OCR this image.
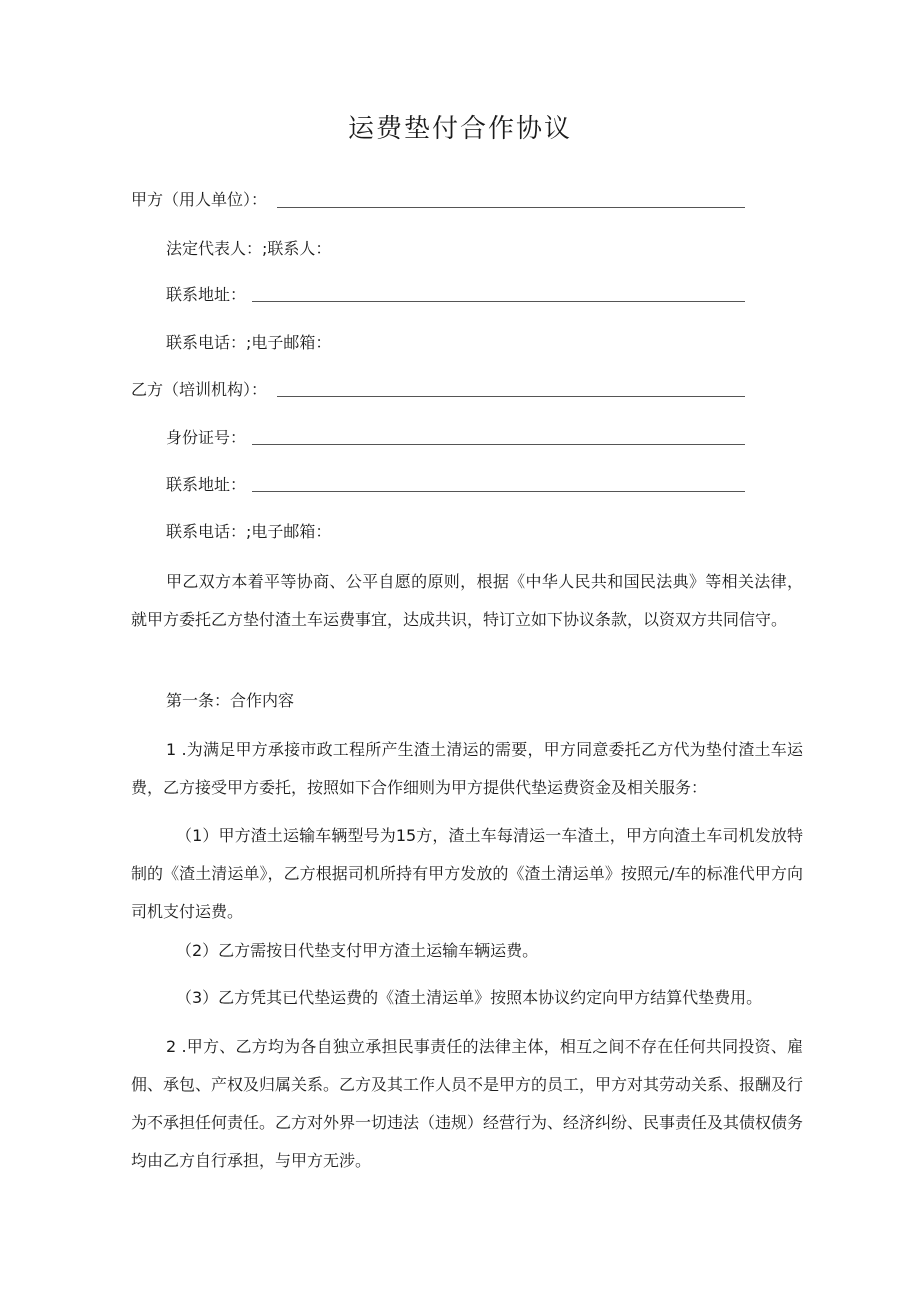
运费垫付合作协议
甲方（用人单位）：
法定代表人：;联系人：
联系地址：
联系电话：;电子邮箱：
乙方（培训机构）：
身份证号：
联系地址：
联系电话：;电子邮箱：
甲乙双方本着平等协商、公平自愿的原则，根据《中华人民共和国民法典》等相关法律，就甲方委托乙方垫付渣土车运费事宜，达成共识，特订立如下协议条款，以资双方共同信守。
第一条：合作内容
1 .为满足甲方承接市政工程所产生渣土清运的需要，甲方同意委托乙方代为垫付渣土车运费，乙方接受甲方委托，按照如下合作细则为甲方提供代垫运费资金及相关服务：
（1）甲方渣土运输车辆型号为15方，渣土车每清运一车渣土，甲方向渣土车司机发放特制的《渣土清运单》，乙方根据司机所持有甲方发放的《渣土清运单》按照元/车的标准代甲方向司机支付运费。
（2）乙方需按日代垫支付甲方渣土运输车辆运费。
（3）乙方凭其已代垫运费的《渣土清运单》按照本协议约定向甲方结算代垫费用。
2 .甲方、乙方均为各自独立承担民事责任的法律主体，相互之间不存在任何共同投资、雇佣、承包、产权及归属关系。乙方及其工作人员不是甲方的员工，甲方对其劳动关系、报酬及行为不承担任何责任。乙方对外界一切违法（违规）经营行为、经济纠纷、民事责任及其债权债务均由乙方自行承担，与甲方无涉。
